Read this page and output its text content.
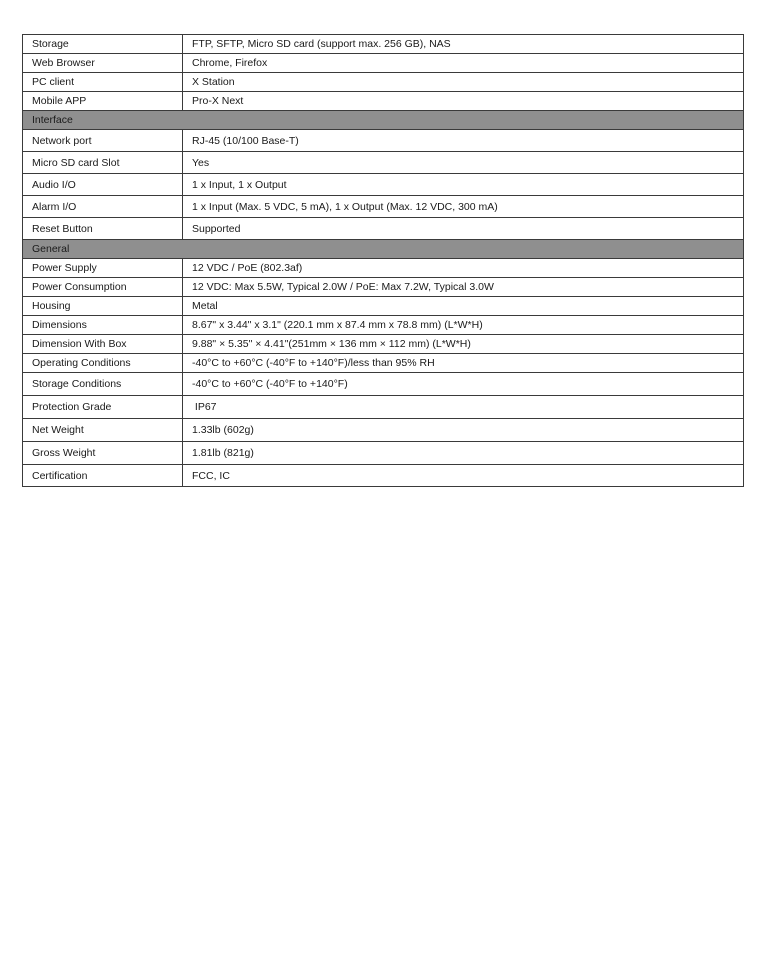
Storage	FTP, SFTP, Micro SD card (support max. 256 GB), NAS
Web Browser	Chrome, Firefox
PC client	X Station
Mobile APP	Pro-X Next
Interface	
Network port	RJ-45 (10/100 Base-T)
Micro SD card Slot	Yes
Audio I/O	1 x Input, 1 x Output
Alarm I/O	1 x Input (Max. 5 VDC, 5 mA), 1 x Output (Max. 12 VDC, 300 mA)
Reset Button	Supported
General	
Power Supply	12 VDC / PoE (802.3af)
Power Consumption	12 VDC: Max 5.5W, Typical 2.0W / PoE: Max 7.2W, Typical 3.0W
Housing	Metal
Dimensions	8.67" x 3.44" x 3.1" (220.1 mm x 87.4 mm x 78.8 mm) (L*W*H)
Dimension With Box	9.88" × 5.35" × 4.41"(251mm × 136 mm × 112 mm) (L*W*H)
Operating Conditions	-40°C to +60°C (-40°F to +140°F)/less than 95% RH
Storage Conditions	-40°C to +60°C (-40°F to +140°F)
Protection Grade	IP67
Net Weight	1.33lb (602g)
Gross Weight	1.81lb (821g)
Certification	FCC, IC
